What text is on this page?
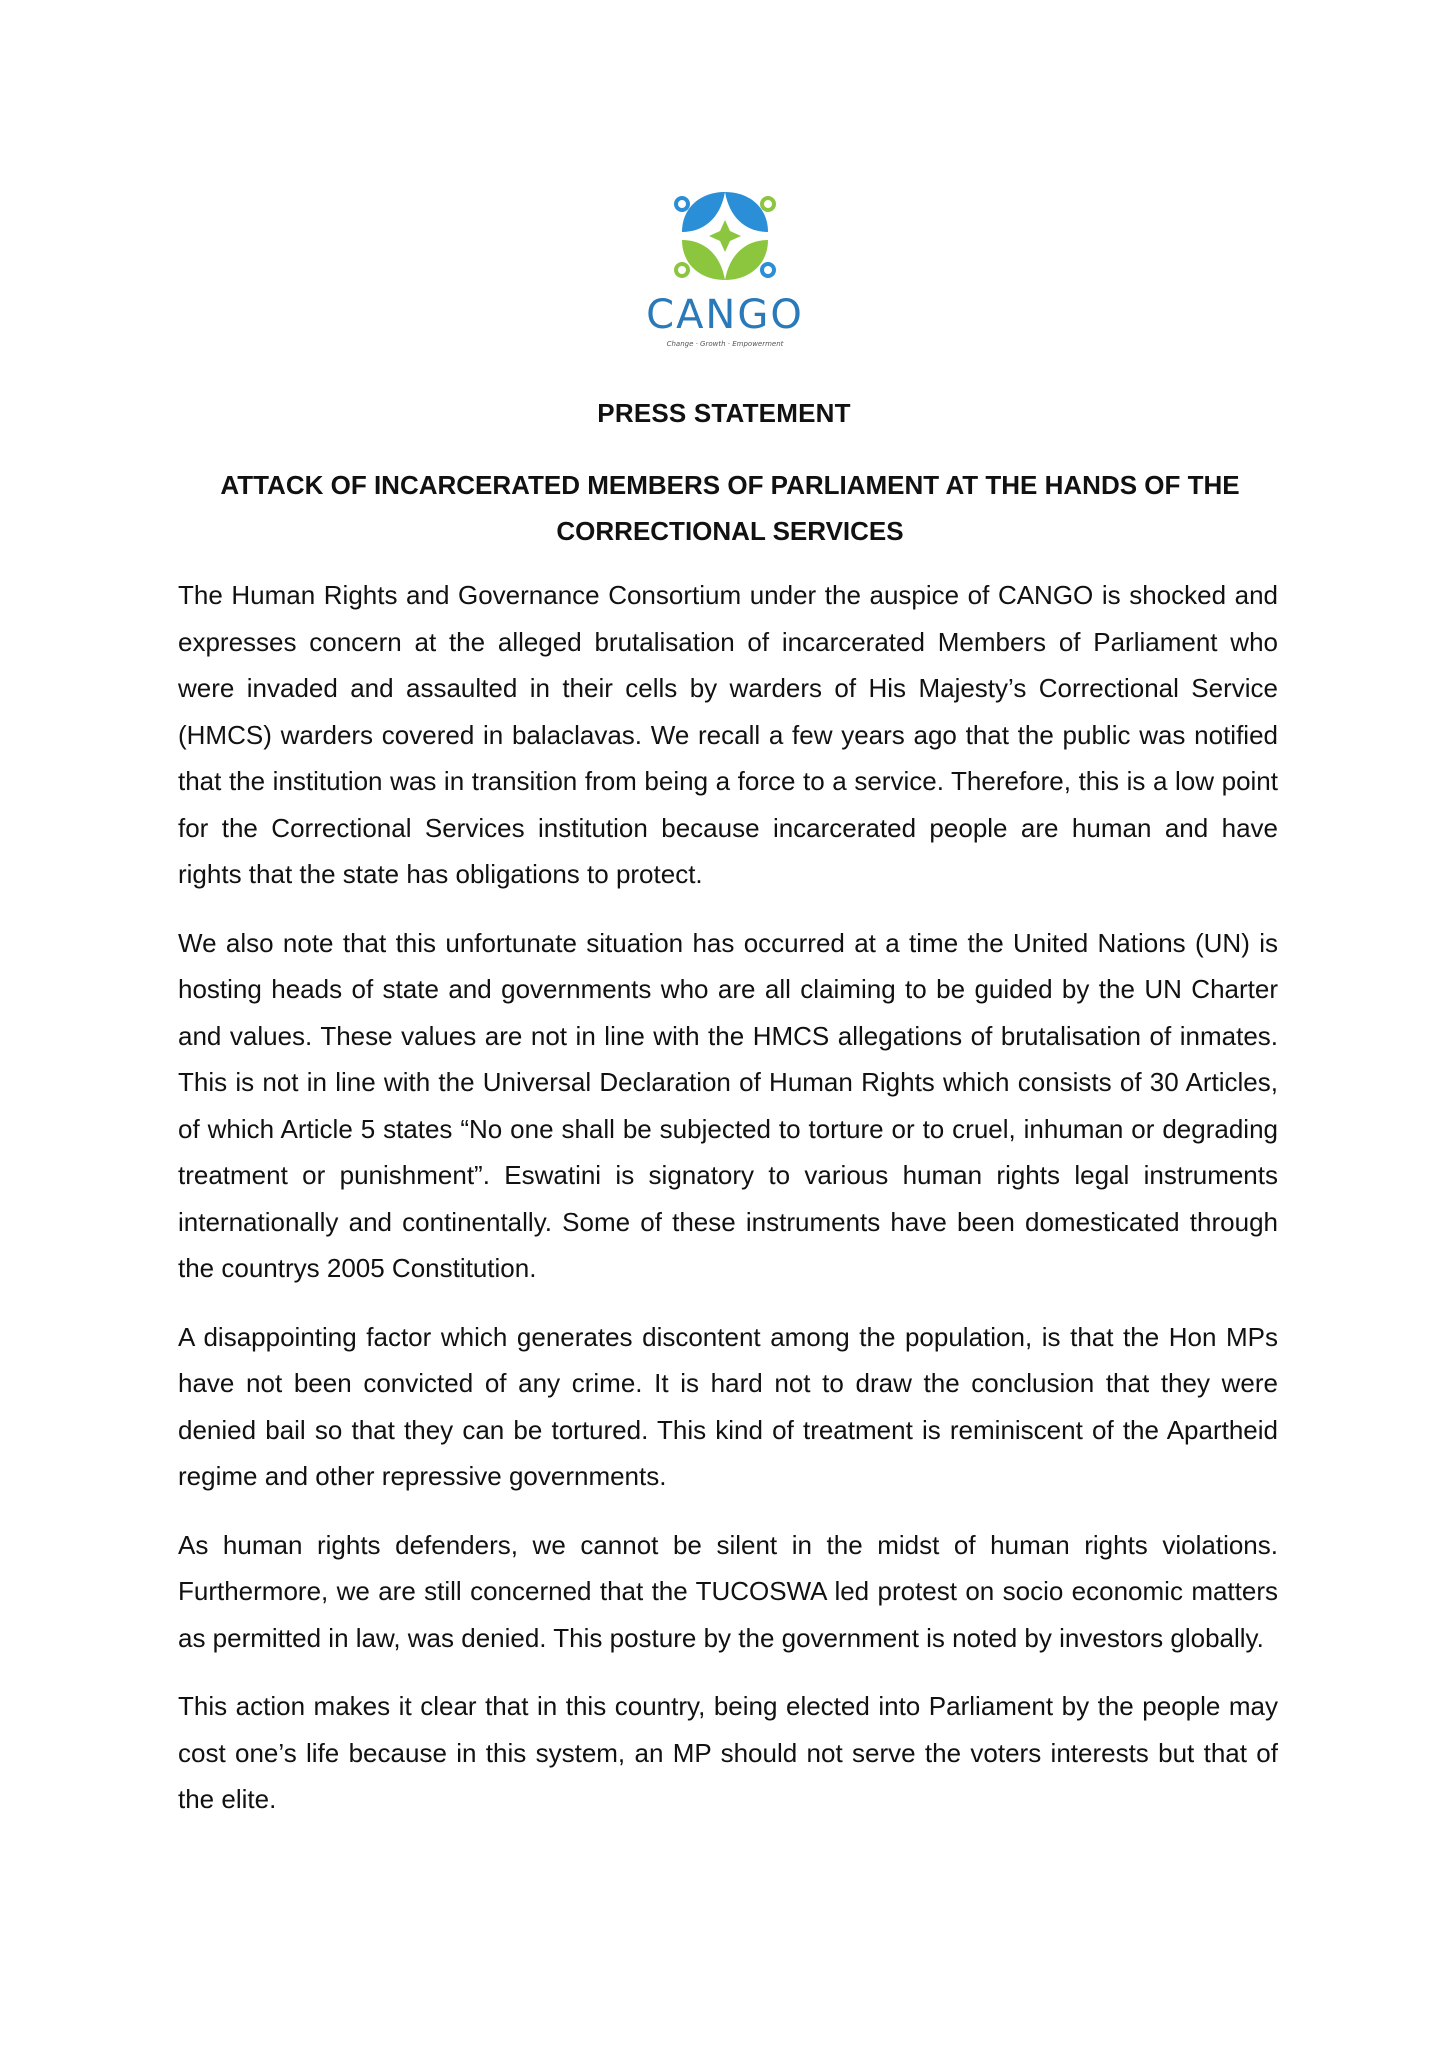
CANGO
Change · Growth · Empowerment
PRESS STATEMENT
ATTACK OF INCARCERATED MEMBERS OF PARLIAMENT AT THE HANDS OF THE CORRECTIONAL SERVICES

The Human Rights and Governance Consortium under the auspice of CANGO is shocked and expresses concern at the alleged brutalisation of incarcerated Members of Parliament who were invaded and assaulted in their cells by warders of His Majesty’s Correctional Service (HMCS) warders covered in balaclavas. We recall a few years ago that the public was notified that the institution was in transition from being a force to a service. Therefore, this is a low point for the Correctional Services institution because incarcerated people are human and have rights that the state has obligations to protect.

We also note that this unfortunate situation has occurred at a time the United Nations (UN) is hosting heads of state and governments who are all claiming to be guided by the UN Charter and values. These values are not in line with the HMCS allegations of brutalisation of inmates. This is not in line with the Universal Declaration of Human Rights which consists of 30 Articles, of which Article 5 states “No one shall be subjected to torture or to cruel, inhuman or degrading treatment or punishment”. Eswatini is signatory to various human rights legal instruments internationally and continentally. Some of these instruments have been domesticated through the countrys 2005 Constitution.

A disappointing factor which generates discontent among the population, is that the Hon MPs have not been convicted of any crime. It is hard not to draw the conclusion that they were denied bail so that they can be tortured. This kind of treatment is reminiscent of the Apartheid regime and other repressive governments.

As human rights defenders, we cannot be silent in the midst of human rights violations. Furthermore, we are still concerned that the TUCOSWA led protest on socio economic matters as permitted in law, was denied. This posture by the government is noted by investors globally.

This action makes it clear that in this country, being elected into Parliament by the people may cost one’s life because in this system, an MP should not serve the voters interests but that of the elite.
